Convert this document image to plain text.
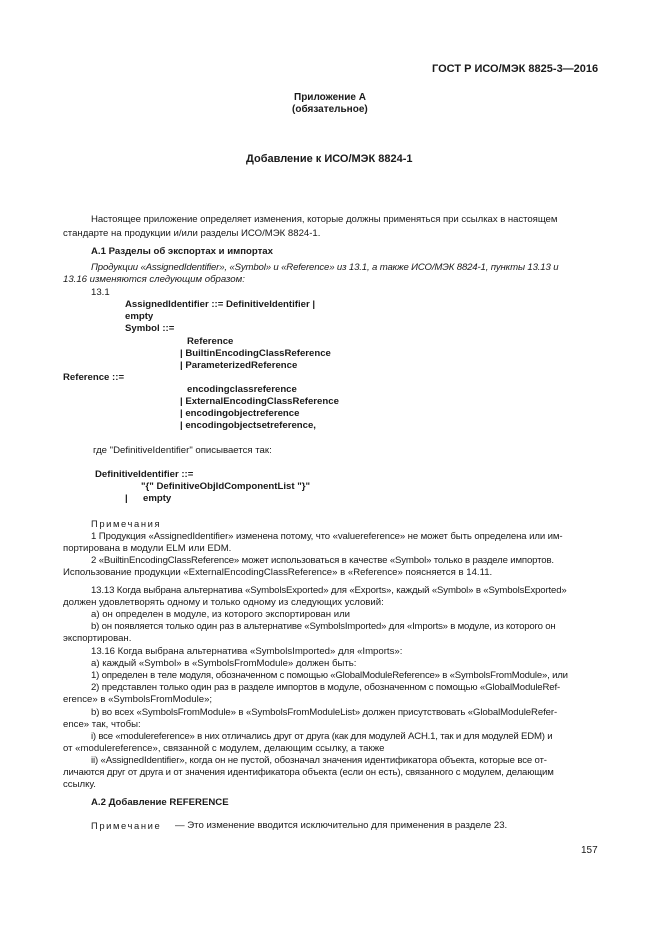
ГОСТ Р ИСО/МЭК 8825-3—2016
Приложение А
(обязательное)
Добавление к ИСО/МЭК 8824-1
Настоящее приложение определяет изменения, которые должны применяться при ссылках в настоящем
стандарте на продукции и/или разделы ИСО/МЭК 8824-1.
A.1 Разделы об экспортах и импортах
Продукции «AssignedIdentifier», «Symbol» и «Reference» из 13.1, а также ИСО/МЭК 8824-1, пункты 13.13 и
13.16 изменяются следующим образом:
13.1
AssignedIdentifier ::= DefinitiveIdentifier |
empty
Symbol ::=
Reference
| BuiltinEncodingClassReference
| ParameterizedReference
Reference ::=
encodingclassreference
| ExternalEncodingClassReference
| encodingobjectreference
| encodingobjectsetreference,
где "DefinitiveIdentifier" описывается так:
DefinitiveIdentifier ::=
"{" DefinitiveObjIdComponentList "}"
| empty
Примечания
1 Продукция «AssignedIdentifier» изменена потому, что «valuereference» не может быть определена или им-
портирована в модули ELM или EDM.
2 «BuiltinEncodingClassReference» может использоваться в качестве «Symbol» только в разделе импортов.
Использование продукции «ExternalEncodingClassReference» в «Reference» поясняется в 14.11.
13.13 Когда выбрана альтернатива «SymbolsExported» для «Exports», каждый «Symbol» в «SymbolsExported»
должен удовлетворять одному и только одному из следующих условий:
а) он определен в модуле, из которого экспортирован или
b) он появляется только один раз в альтернативе «SymbolsImported» для «Imports» в модуле, из которого он
экспортирован.
13.16 Когда выбрана альтернатива «SymbolsImported» для «Imports»:
а) каждый «Symbol» в «SymbolsFromModule» должен быть:
1) определен в теле модуля, обозначенном с помощью «GlobalModuleReference» в «SymbolsFromModule», или
2) представлен только один раз в разделе импортов в модуле, обозначенном с помощью «GlobalModuleRef-
erence» в «SymbolsFromModule»;
b) во всех «SymbolsFromModule» в «SymbolsFromModuleList» должен присутствовать «GlobalModuleRefer-
ence» так, чтобы:
i) все «modulereference» в них отличались друг от друга (как для модулей ACH.1, так и для модулей EDM) и
от «modulereference», связанной с модулем, делающим ссылку, а также
ii) «AssignedIdentifier», когда он не пустой, обозначал значения идентификатора объекта, которые все от-
личаются друг от друга и от значения идентификатора объекта (если он есть), связанного с модулем, делающим
ссылку.
A.2 Добавление REFERENCE
Примечание — Это изменение вводится исключительно для применения в разделе 23.
157
